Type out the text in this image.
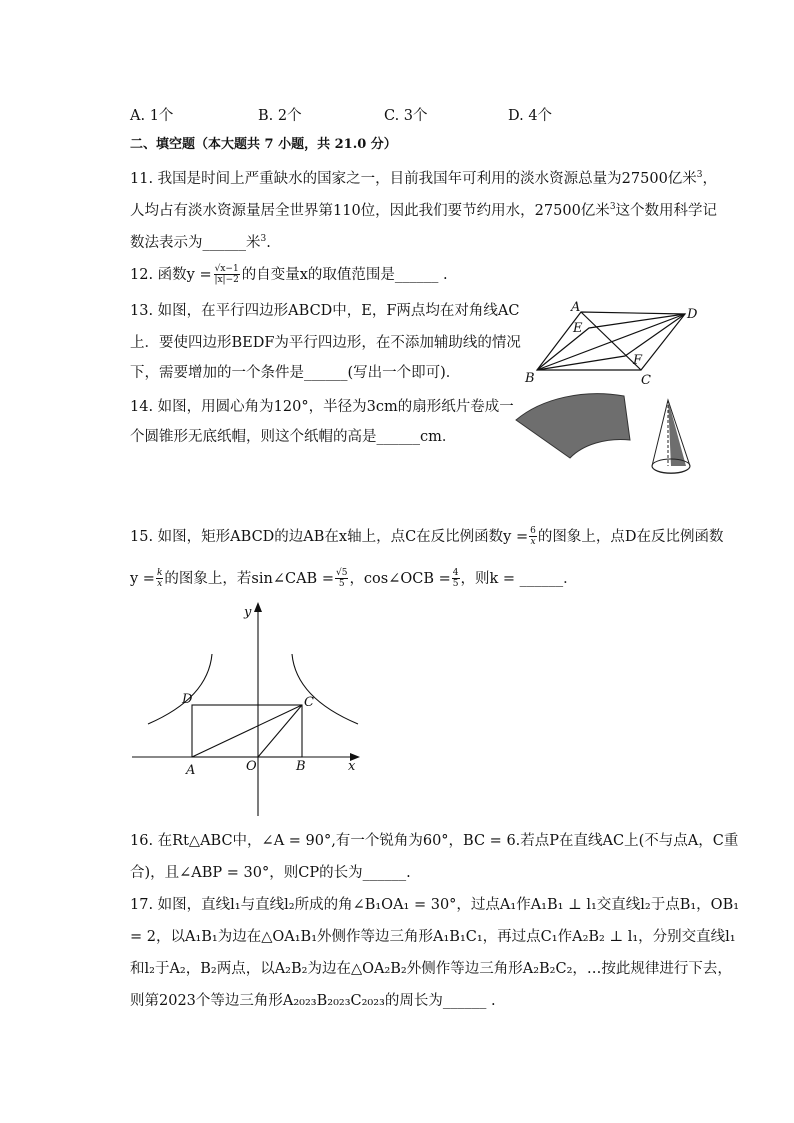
A. 1个	B. 2个	C. 3个	D. 4个
二、填空题（本大题共 7 小题，共 21.0 分）
11. 我国是时间上严重缺水的国家之一，目前我国年可利用的淡水资源总量为27500亿米$^3$，
人均占有淡水资源量居全世界第110位，因此我们要节约用水，27500亿米$^3$这个数用科学记
数法表示为______米$^3$.
12. 函数$y = \frac{√x-1}{|x|-2}$ 的自变量x的取值范围是______ .
13. 如图，在平行四边形ABCD中，E，F两点均在对角线AC
上．要使四边形BEDF为平行四边形，在不添加辅助线的情况
下，需要增加的一个条件是______(写出一个即可)．
A	D
E
F
B	C
14. 如图，用圆心角为120°，半径为3cm的扇形纸片卷成一
个圆锥形无底纸帽，则这个纸帽的高是______cm．
15. 如图，矩形ABCD的边AB在x轴上，点C在反比例函数$y = \frac{6}{x}$ 的图象上，点D在反比例函数
$y = \frac{k}{x}$ 的图象上，若sin∠CAB = $\frac{√5}{5}$ ，cos∠OCB = $\frac{4}{5}$ ，则k = ______．
y
x
D	C
A	O	B
16. 在Rt△ABC中，∠A = 90°,有一个锐角为60°，BC = 6.若点P在直线AC上(不与点A，C重
合)，且∠ABP = 30°，则CP的长为______.
17. 如图，直线l₁与直线l₂所成的角∠B₁OA₁ = 30°，过点A₁作A₁B₁ ⊥ l₁交直线l₂于点B₁，OB₁
= 2，以A₁B₁为边在△OA₁B₁外侧作等边三角形A₁B₁C₁，再过点C₁作A₂B₂ ⊥ l₁，分别交直线l₁
和l₂于A₂，B₂两点，以A₂B₂为边在△OA₂B₂外侧作等边三角形A₂B₂C₂，…按此规律进行下去，
则第2023个等边三角形A₂₀₂₃B₂₀₂₃C₂₀₂₃的周长为______ .
